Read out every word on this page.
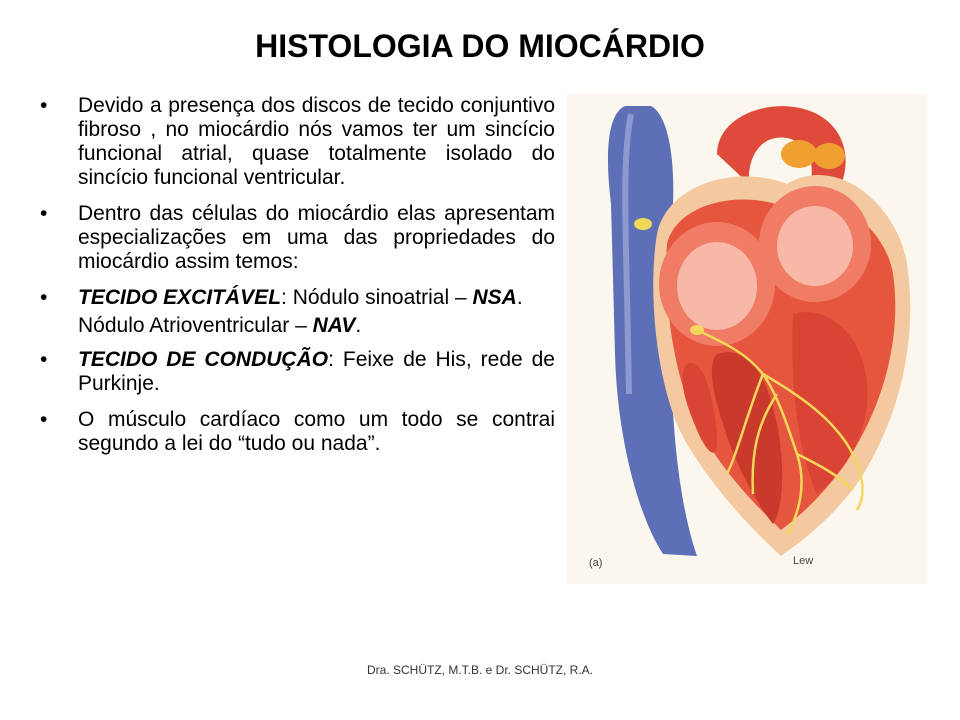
HISTOLOGIA DO MIOCÁRDIO
• Devido a presença dos discos de tecido conjuntivo fibroso , no miocárdio nós vamos ter um sincício funcional atrial, quase totalmente isolado do sincício funcional ventricular.
• Dentro das células do miocárdio elas apresentam especializações em uma das propriedades do miocárdio assim temos:
• TECIDO EXCITÁVEL: Nódulo sinoatrial – NSA.
Nódulo Atrioventricular – NAV.
• TECIDO DE CONDUÇÃO: Feixe de His, rede de Purkinje.
• O músculo cardíaco como um todo se contrai segundo a lei do “tudo ou nada”.
(a)	Lew
Dra. SCHÜTZ, M.T.B. e Dr. SCHÜTZ, R.A.
